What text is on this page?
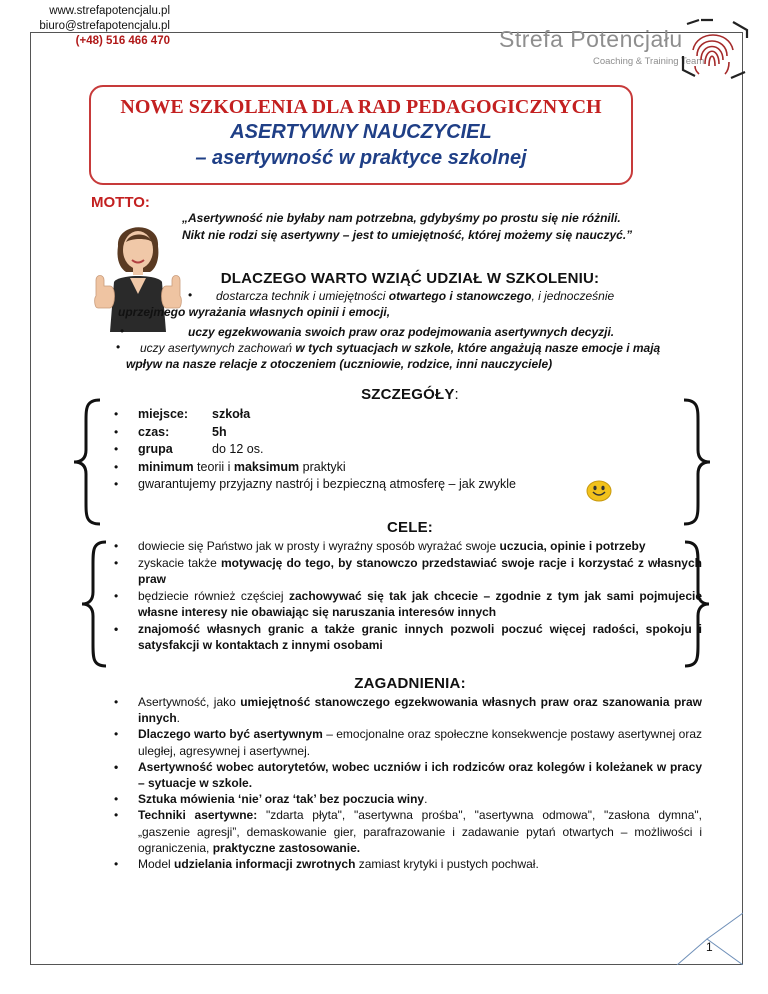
www.strefapotencjalu.pl
biuro@strefapotencjalu.pl
(+48) 516 466 470	Strefa Potencjału
Coaching & Training Team
NOWE SZKOLENIA DLA RAD PEDAGOGICZNYCH
ASERTYWNY NAUCZYCIEL
– asertywność w praktyce szkolnej
MOTTO:
„Asertywność nie byłaby nam potrzebna, gdybyśmy po prostu się nie różnili.
Nikt nie rodzi się asertywny – jest to umiejętność, której możemy się nauczyć.”
DLACZEGO WARTO WZIĄĆ UDZIAŁ W SZKOLENIU:
• dostarcza technik i umiejętności otwartego i stanowczego, i jednocześnie
uprzejmego wyrażania własnych opinii i emocji,
•	uczy egzekwowania swoich praw oraz podejmowania asertywnych decyzji.
•	uczy asertywnych zachowań w tych sytuacjach w szkole, które angażują nasze emocje i mają
wpływ na nasze relacje z otoczeniem (uczniowie, rodzice, inni nauczyciele)
SZCZEGÓŁY:
• miejsce:	szkoła
• czas:	5h
• grupa	do 12 os.
• minimum teorii i maksimum praktyki
• gwarantujemy przyjazny nastrój i bezpieczną atmosferę – jak zwykle
CELE:
• dowiecie się Państwo jak w prosty i wyraźny sposób wyrażać swoje uczucia, opinie i potrzeby
• zyskacie także motywację do tego, by stanowczo przedstawiać swoje racje i korzystać z własnych praw
• będziecie również częściej zachowywać się tak jak chcecie – zgodnie z tym jak sami pojmujecie własne interesy nie obawiając się naruszania interesów innych
• znajomość własnych granic a także granic innych pozwoli poczuć więcej radości, spokoju i satysfakcji w kontaktach z innymi osobami
ZAGADNIENIA:
• Asertywność, jako umiejętność stanowczego egzekwowania własnych praw oraz szanowania praw innych.
• Dlaczego warto być asertywnym – emocjonalne oraz społeczne konsekwencje postawy asertywnej oraz uległej, agresywnej i asertywnej.
• Asertywność wobec autorytetów, wobec uczniów i ich rodziców oraz kolegów i koleżanek w pracy – sytuacje w szkole.
• Sztuka mówienia ‘nie’ oraz ‘tak’ bez poczucia winy.
• Techniki asertywne: "zdarta płyta", "asertywna prośba", "asertywna odmowa", "zasłona dymna", „gaszenie agresji”, demaskowanie gier, parafrazowanie i zadawanie pytań otwartych – możliwości i ograniczenia, praktyczne zastosowanie.
• Model udzielania informacji zwrotnych zamiast krytyki i pustych pochwał.
1
